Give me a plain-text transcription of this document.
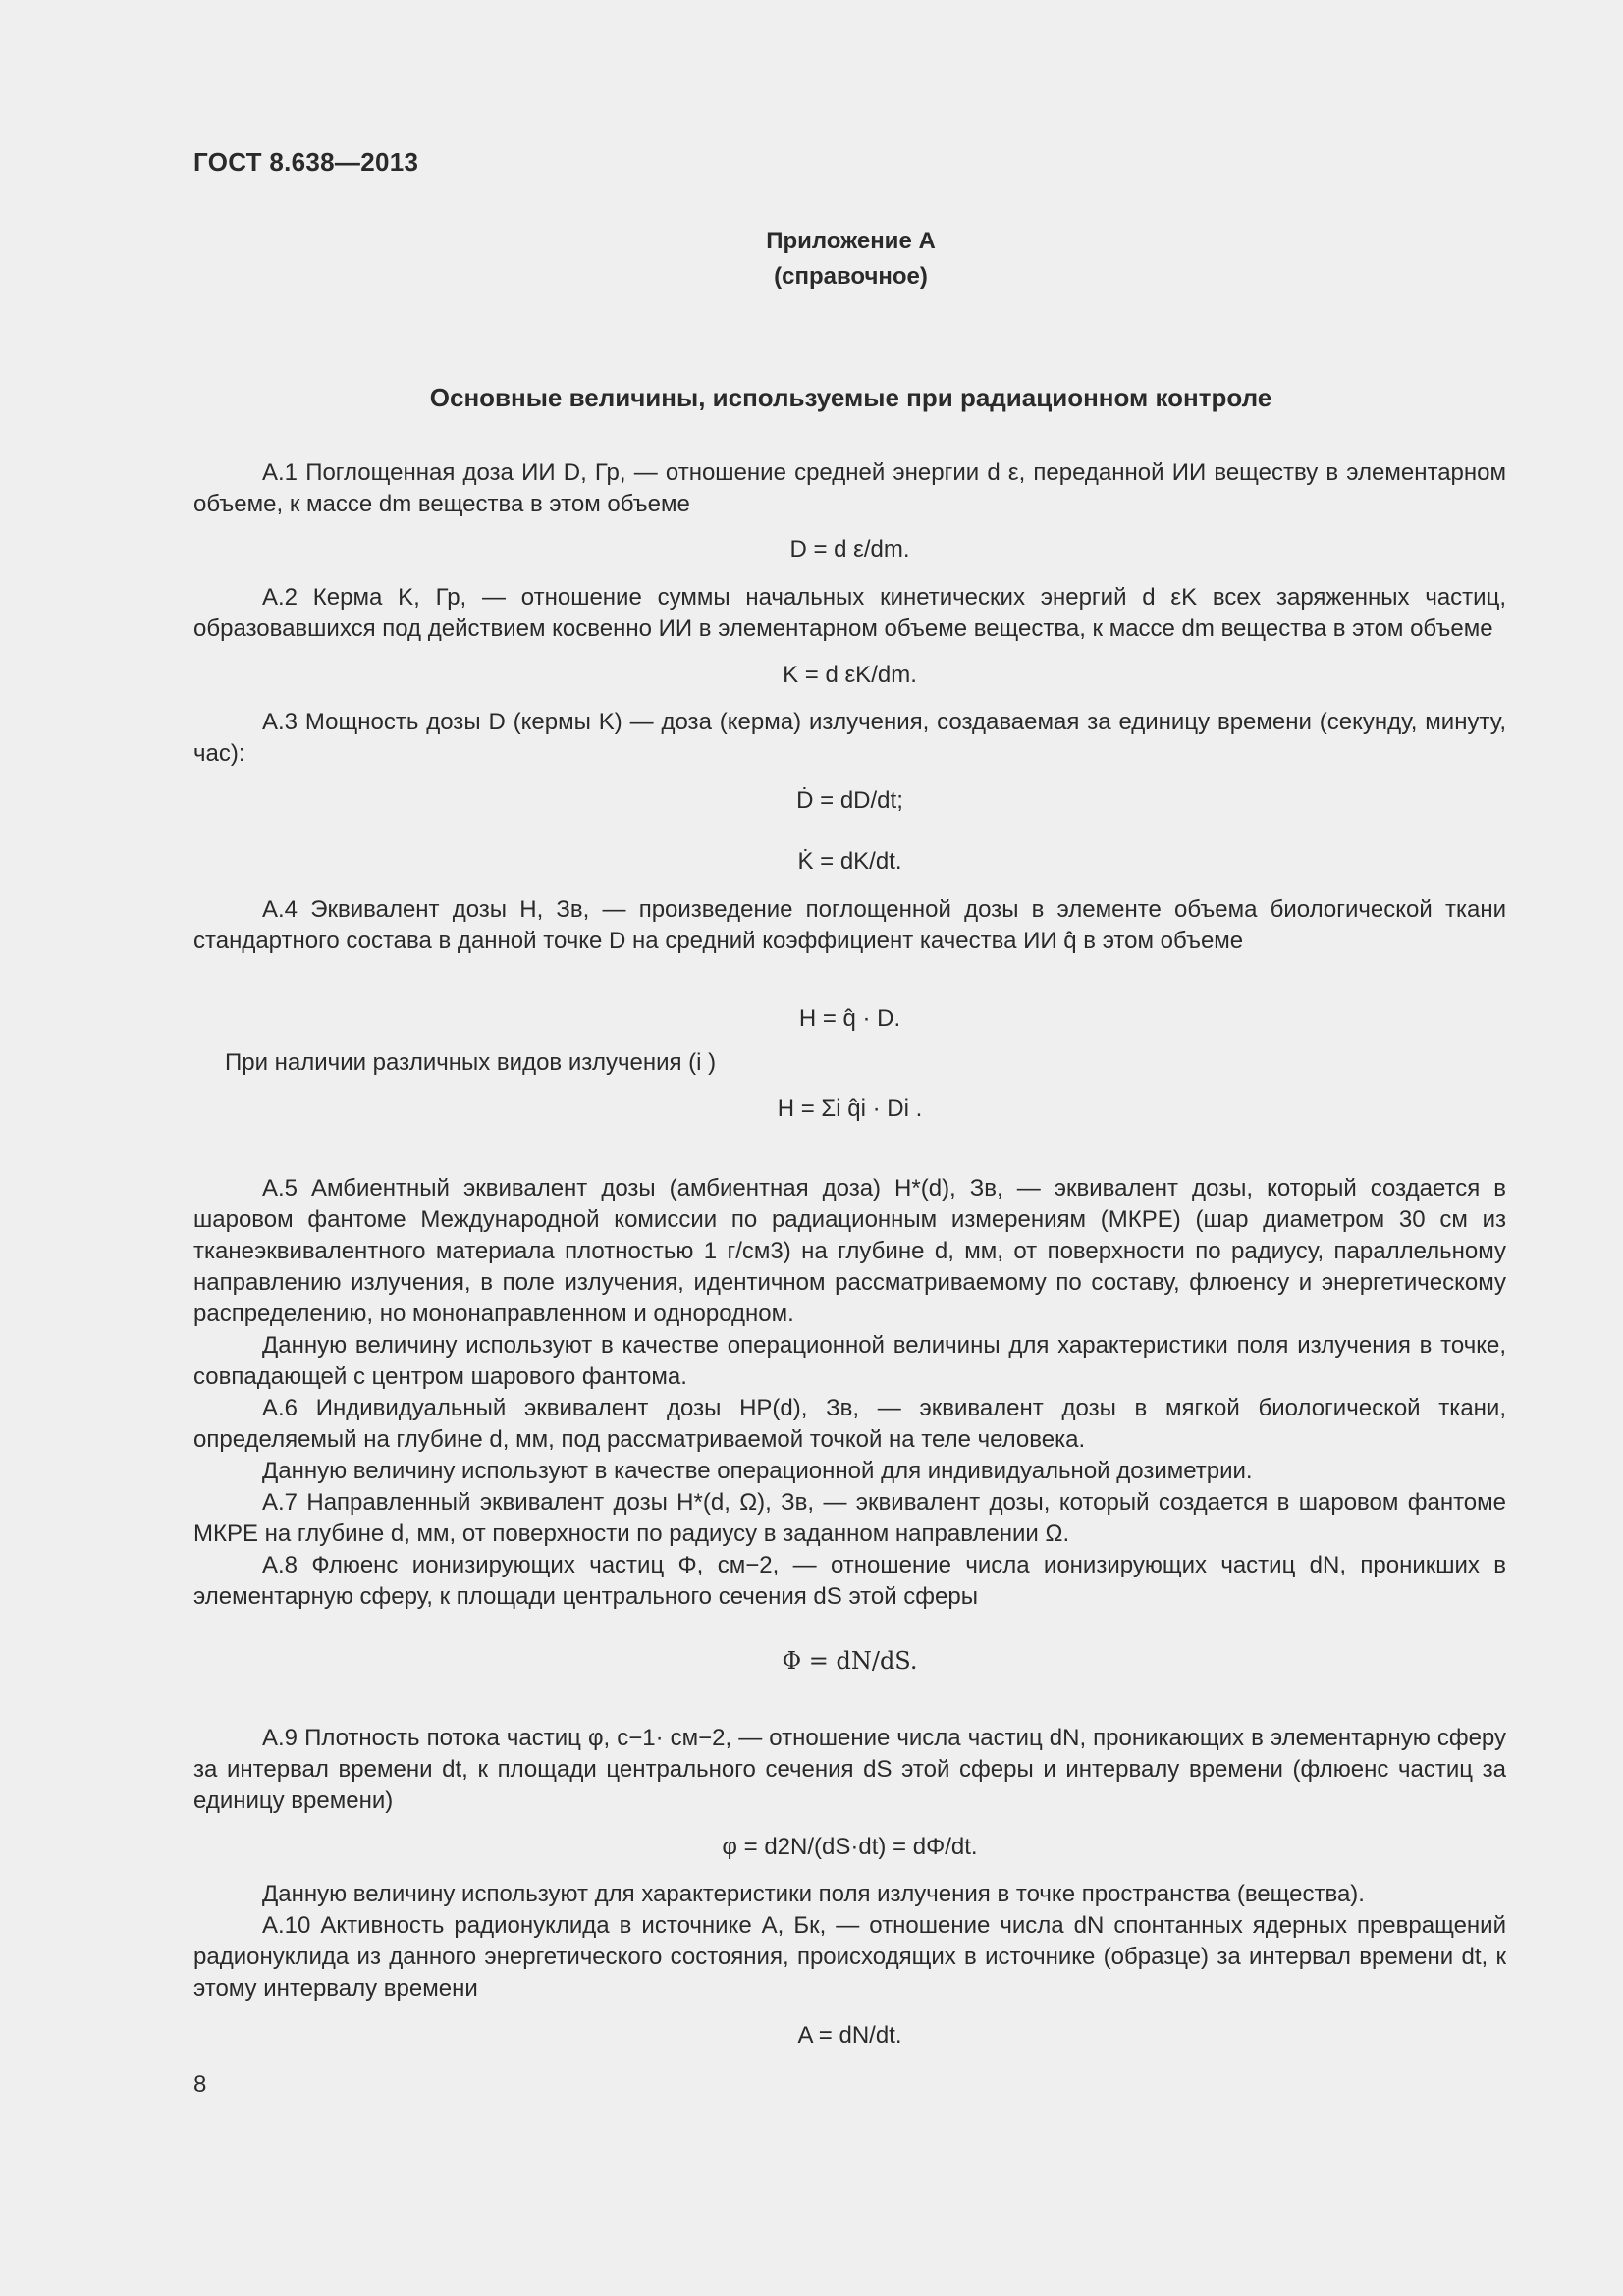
ГОСТ 8.638—2013
Приложение А
(справочное)
Основные величины, используемые при радиационном контроле
А.1 Поглощенная доза ИИ D, Гр, — отношение средней энергии d ε, переданной ИИ веществу в элементарном объеме, к массе dm вещества в этом объеме
D = d ε/dm.
А.2 Керма K, Гр, — отношение суммы начальных кинетических энергий d εK всех заряженных частиц, образовавшихся под действием косвенно ИИ в элементарном объеме вещества, к массе dm вещества в этом объеме
K = d εK/dm.
А.3 Мощность дозы D (кермы K) — доза (керма) излучения, создаваемая за единицу времени (секунду, минуту, час):
Ḋ = dD/dt;
K̇ = dK/dt.
А.4 Эквивалент дозы H, Зв, — произведение поглощенной дозы в элементе объема биологической ткани стандартного состава в данной точке D на средний коэффициент качества ИИ q̂ в этом объеме
H = q̂ · D.
При наличии различных видов излучения (i )
H = Σi q̂i · Di .
А.5 Амбиентный эквивалент дозы (амбиентная доза) H*(d), Зв, — эквивалент дозы, который создается в шаровом фантоме Международной комиссии по радиационным измерениям (МКРЕ) (шар диаметром 30 см из тканеэквивалентного материала плотностью 1 г/см3) на глубине d, мм, от поверхности по радиусу, параллельному направлению излучения, в поле излучения, идентичном рассматриваемому по составу, флюенсу и энергетическому распределению, но мононаправленном и однородном.
Данную величину используют в качестве операционной величины для характеристики поля излучения в точке, совпадающей с центром шарового фантома.
А.6 Индивидуальный эквивалент дозы HP(d), Зв, — эквивалент дозы в мягкой биологической ткани, определяемый на глубине d, мм, под рассматриваемой точкой на теле человека.
Данную величину используют в качестве операционной для индивидуальной дозиметрии.
А.7 Направленный эквивалент дозы H*(d, Ω), Зв, — эквивалент дозы, который создается в шаровом фантоме МКРЕ на глубине d, мм, от поверхности по радиусу в заданном направлении Ω.
А.8 Флюенс ионизирующих частиц Φ, см−2, — отношение числа ионизирующих частиц dN, проникших в элементарную сферу, к площади центрального сечения dS этой сферы
Φ = dN/dS.
А.9 Плотность потока частиц φ, с−1· см−2, — отношение числа частиц dN, проникающих в элементарную сферу за интервал времени dt, к площади центрального сечения dS этой сферы и интервалу времени (флюенс частиц за единицу времени)
φ = d2N/(dS·dt) = dΦ/dt.
Данную величину используют для характеристики поля излучения в точке пространства (вещества).
А.10 Активность радионуклида в источнике A, Бк, — отношение числа dN спонтанных ядерных превращений радионуклида из данного энергетического состояния, происходящих в источнике (образце) за интервал времени dt, к этому интервалу времени
A = dN/dt.
8
